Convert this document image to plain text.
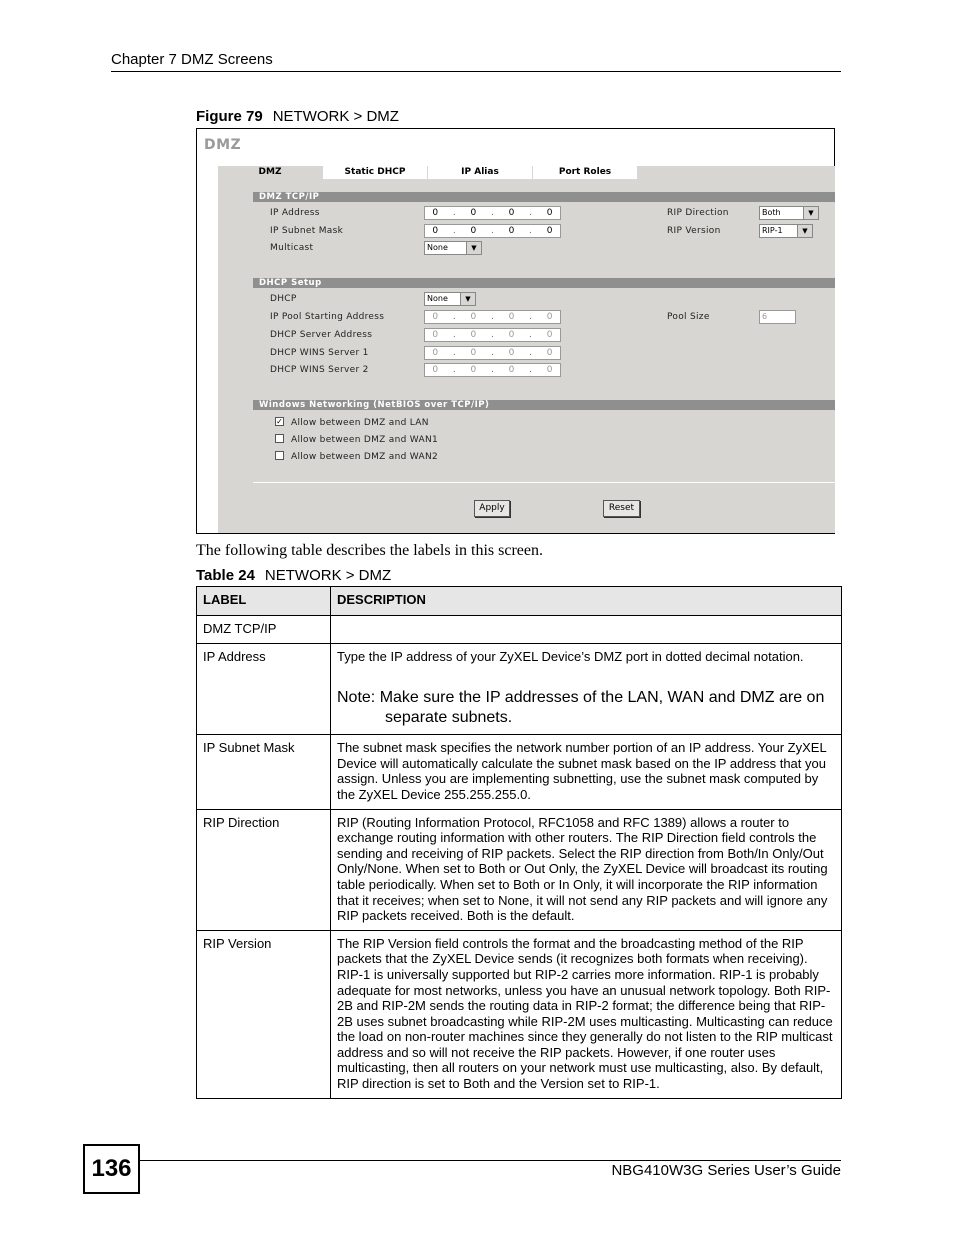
Chapter 7 DMZ Screens
Figure 79 NETWORK > DMZ
DMZ
DMZ	Static DHCP	IP Alias	Port Roles
DMZ TCP/IP
IP Address	0 . 0 . 0 . 0	RIP Direction	Both	▼
IP Subnet Mask	0 . 0 . 0 . 0	RIP Version	RIP-1	▼
Multicast	None	▼
DHCP Setup
DHCP	None	▼
IP Pool Starting Address	0 . 0 . 0 . 0	Pool Size	6
DHCP Server Address	0 . 0 . 0 . 0
DHCP WINS Server 1	0 . 0 . 0 . 0
DHCP WINS Server 2	0 . 0 . 0 . 0
Windows Networking (NetBIOS over TCP/IP)
✓ Allow between DMZ and LAN
Allow between DMZ and WAN1
Allow between DMZ and WAN2
Apply	Reset
The following table describes the labels in this screen.
Table 24 NETWORK > DMZ
LABEL	DESCRIPTION
DMZ TCP/IP	
IP Address	Type the IP address of your ZyXEL Device’s DMZ port in dotted decimal notation.
Note: Make sure the IP addresses of the LAN, WAN and DMZ are on separate subnets.

IP Subnet Mask	The subnet mask specifies the network number portion of an IP address. Your ZyXEL Device will automatically calculate the subnet mask based on the IP address that you assign. Unless you are implementing subnetting, use the subnet mask computed by the ZyXEL Device 255.255.255.0.
RIP Direction	RIP (Routing Information Protocol, RFC1058 and RFC 1389) allows a router to exchange routing information with other routers. The RIP Direction field controls the sending and receiving of RIP packets. Select the RIP direction from Both/In Only/Out Only/None. When set to Both or Out Only, the ZyXEL Device will broadcast its routing table periodically. When set to Both or In Only, it will incorporate the RIP information that it receives; when set to None, it will not send any RIP packets and will ignore any RIP packets received. Both is the default.
RIP Version	The RIP Version field controls the format and the broadcasting method of the RIP packets that the ZyXEL Device sends (it recognizes both formats when receiving). RIP-1 is universally supported but RIP-2 carries more information. RIP-1 is probably adequate for most networks, unless you have an unusual network topology. Both RIP-2B and RIP-2M sends the routing data in RIP-2 format; the difference being that RIP-2B uses subnet broadcasting while RIP-2M uses multicasting. Multicasting can reduce the load on non-router machines since they generally do not listen to the RIP multicast address and so will not receive the RIP packets. However, if one router uses multicasting, then all routers on your network must use multicasting, also. By default, RIP direction is set to Both and the Version set to RIP-1.
136	NBG410W3G Series User’s Guide
